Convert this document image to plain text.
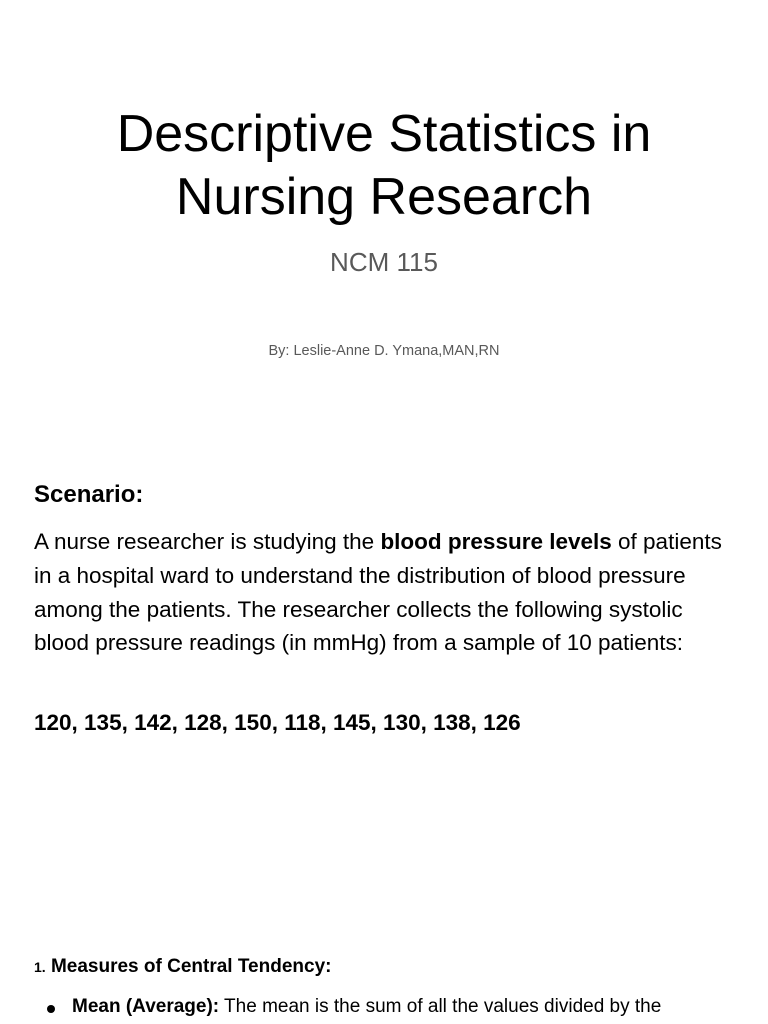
Descriptive Statistics in
Nursing Research

NCM 115

By: Leslie-Anne D. Ymana,MAN,RN

Scenario:

A nurse researcher is studying the blood pressure levels of patients in a hospital ward to understand the distribution of blood pressure among the patients. The researcher collects the following systolic blood pressure readings (in mmHg) from a sample of 10 patients:

120, 135, 142, 128, 150, 118, 145, 130, 138, 126

1. Measures of Central Tendency:

Mean (Average): The mean is the sum of all the values divided by the
